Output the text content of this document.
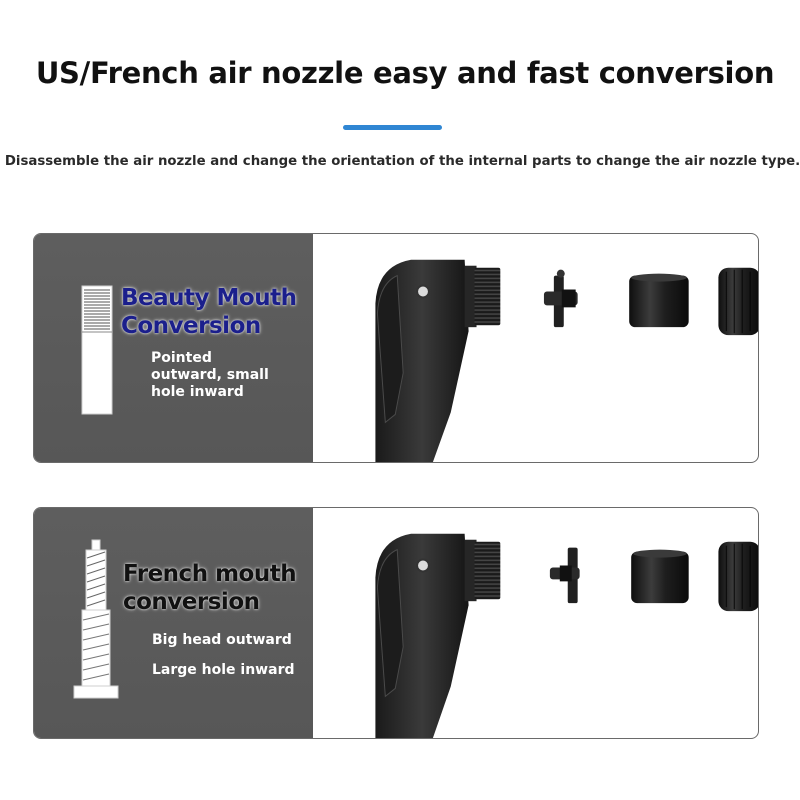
US/French air nozzle easy and fast conversion
Disassemble the air nozzle and change the orientation of the internal parts to change the air nozzle type.
Beauty Mouth
Conversion
Pointed
outward, small
hole inward
French mouth
conversion
Big head outward
Large hole inward
